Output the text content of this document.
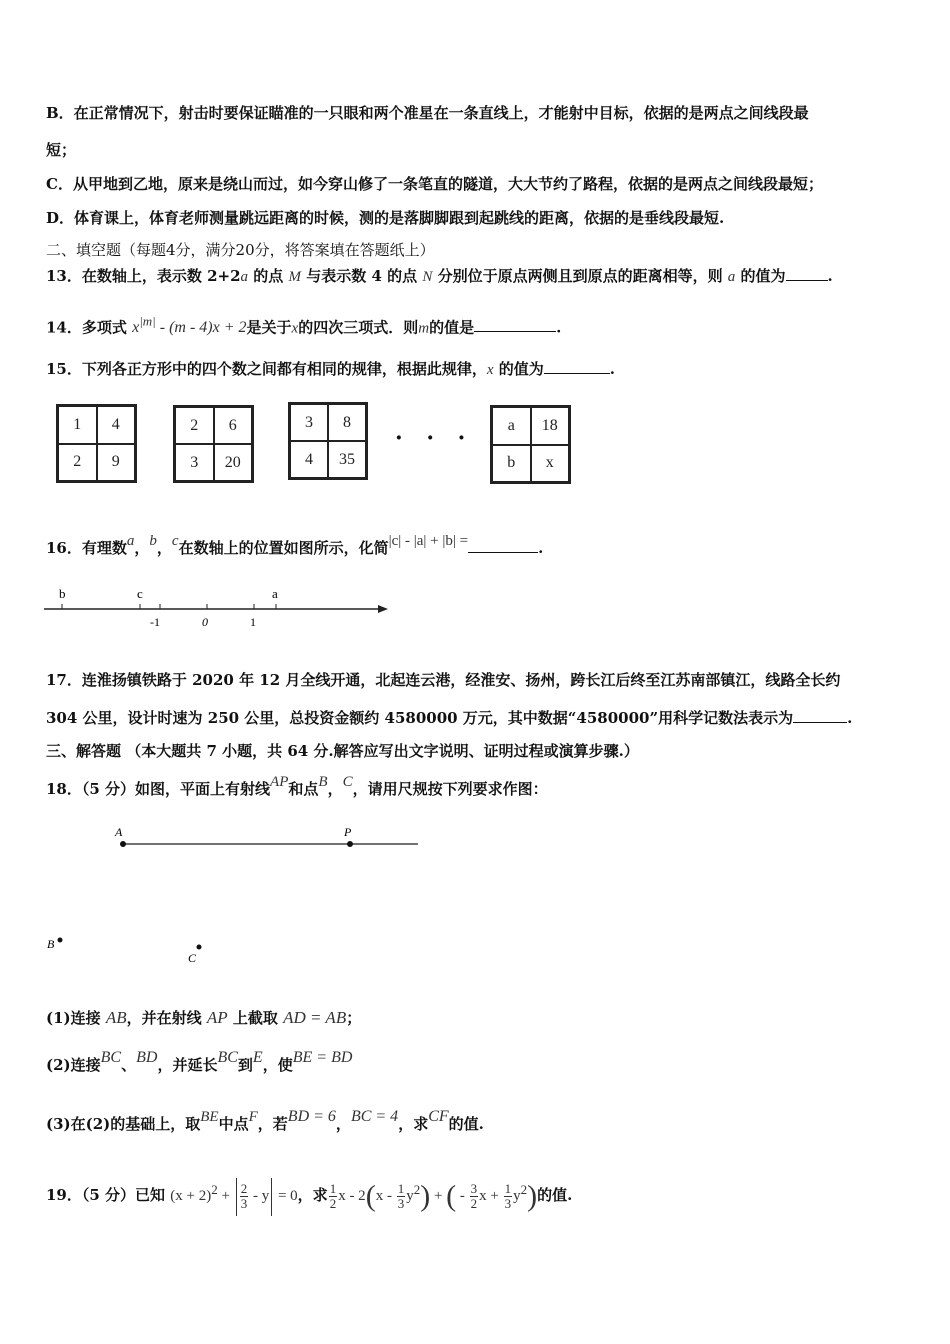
B．在正常情况下，射击时要保证瞄准的一只眼和两个准星在一条直线上，才能射中目标，依据的是两点之间线段最
短；
C．从甲地到乙地，原来是绕山而过，如今穿山修了一条笔直的隧道，大大节约了路程，依据的是两点之间线段最短；
D．体育课上，体育老师测量跳远距离的时候，测的是落脚脚跟到起跳线的距离，依据的是垂线段最短.
二、填空题（每题4分，满分20分，将答案填在答题纸上）
13．在数轴上，表示数 2+2a 的点 M 与表示数 4 的点 N 分别位于原点两侧且到原点的距离相等，则 a 的值为	.
14．多项式 $x^{|m|} - (m - 4)x + 2$是关于x的四次三项式．则m的值是	.
15．下列各正方形中的四个数之间都有相同的规律，根据此规律，x 的值为	.
1	4
2	9
2	6
3	20
3	8
4	35
· · ·	a	18
b	x
16．有理数a，b，c在数轴上的位置如图所示，化简|c| - |a| + |b| =	.
b	c	a
-1	0	1
17．连淮扬镇铁路于 2020 年 12 月全线开通，北起连云港，经淮安、扬州，跨长江后终至江苏南部镇江，线路全长约
304 公里，设计时速为 250 公里，总投资金额约 4580000 万元，其中数据“4580000”用科学记数法表示为	.
三、解答题 （本大题共 7 小题，共 64 分.解答应写出文字说明、证明过程或演算步骤.）
18．（5 分）如图，平面上有射线AP和点B，C，请用尺规按下列要求作图：
A	P
B
C
(1)连接 AB，并在射线 AP 上截取 AD = AB；
(2)连接BC、BD，并延长BC到E，使BE = BD
(3)在(2)的基础上，取BE中点F，若BD = 6，BC = 4，求CF的值.
19．（5 分）已知 $(x + 2)^2 + \frac{2}{3} - y = 0$，求 $\frac{1}{2}$ x - $2(x - \frac{1}{3} y^2)$ + ( - $\frac{3}{2}$ $x + \frac{1}{3} y^2$)的值.
